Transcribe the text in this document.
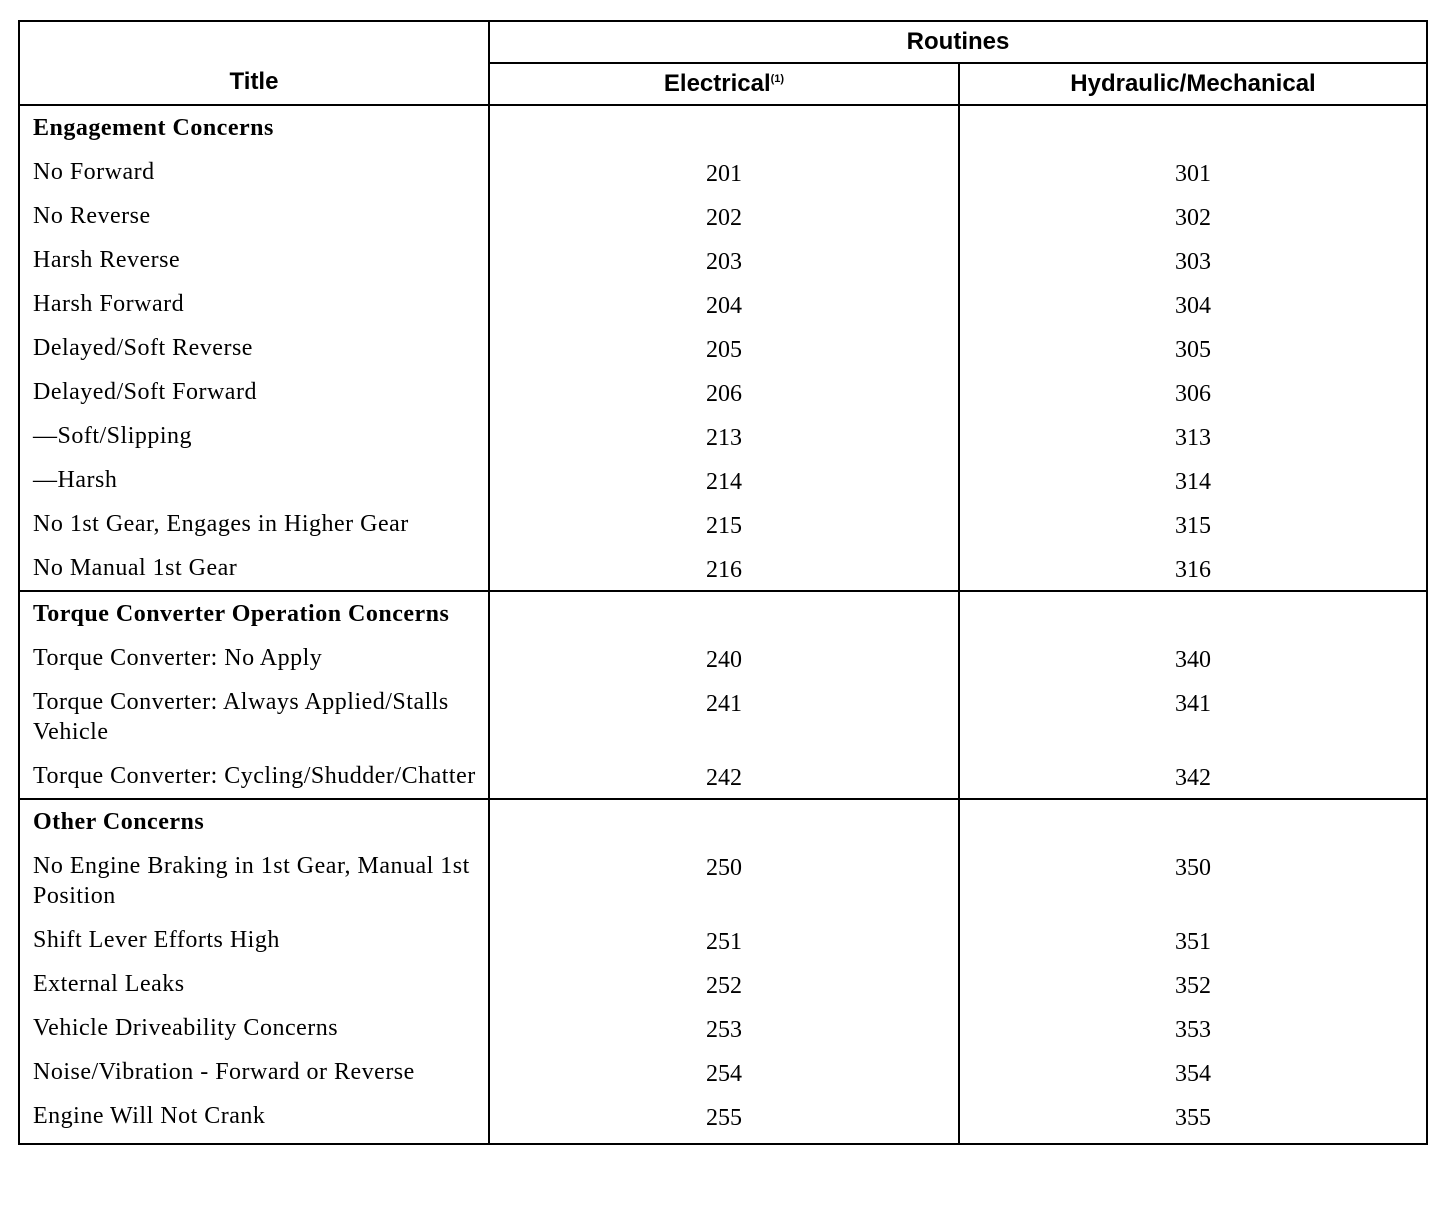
Title	Routines	
	Electrical$^{(1)}$	Hydraulic/Mechanical
Engagement Concerns		
No Forward	201	301
No Reverse	202	302
Harsh Reverse	203	303
Harsh Forward	204	304
Delayed/Soft Reverse	205	305
Delayed/Soft Forward	206	306
—Soft/Slipping	213	313
—Harsh	214	314
No 1st Gear, Engages in Higher Gear	215	315
No Manual 1st Gear	216	316
Torque Converter Operation Concerns		
Torque Converter: No Apply	240	340
Torque Converter: Always Applied/Stalls Vehicle	241	341
Torque Converter: Cycling/Shudder/Chatter	242	342
Other Concerns		
No Engine Braking in 1st Gear, Manual 1st Position	250	350
Shift Lever Efforts High	251	351
External Leaks	252	352
Vehicle Driveability Concerns	253	353
Noise/Vibration - Forward or Reverse	254	354
Engine Will Not Crank	255	355
